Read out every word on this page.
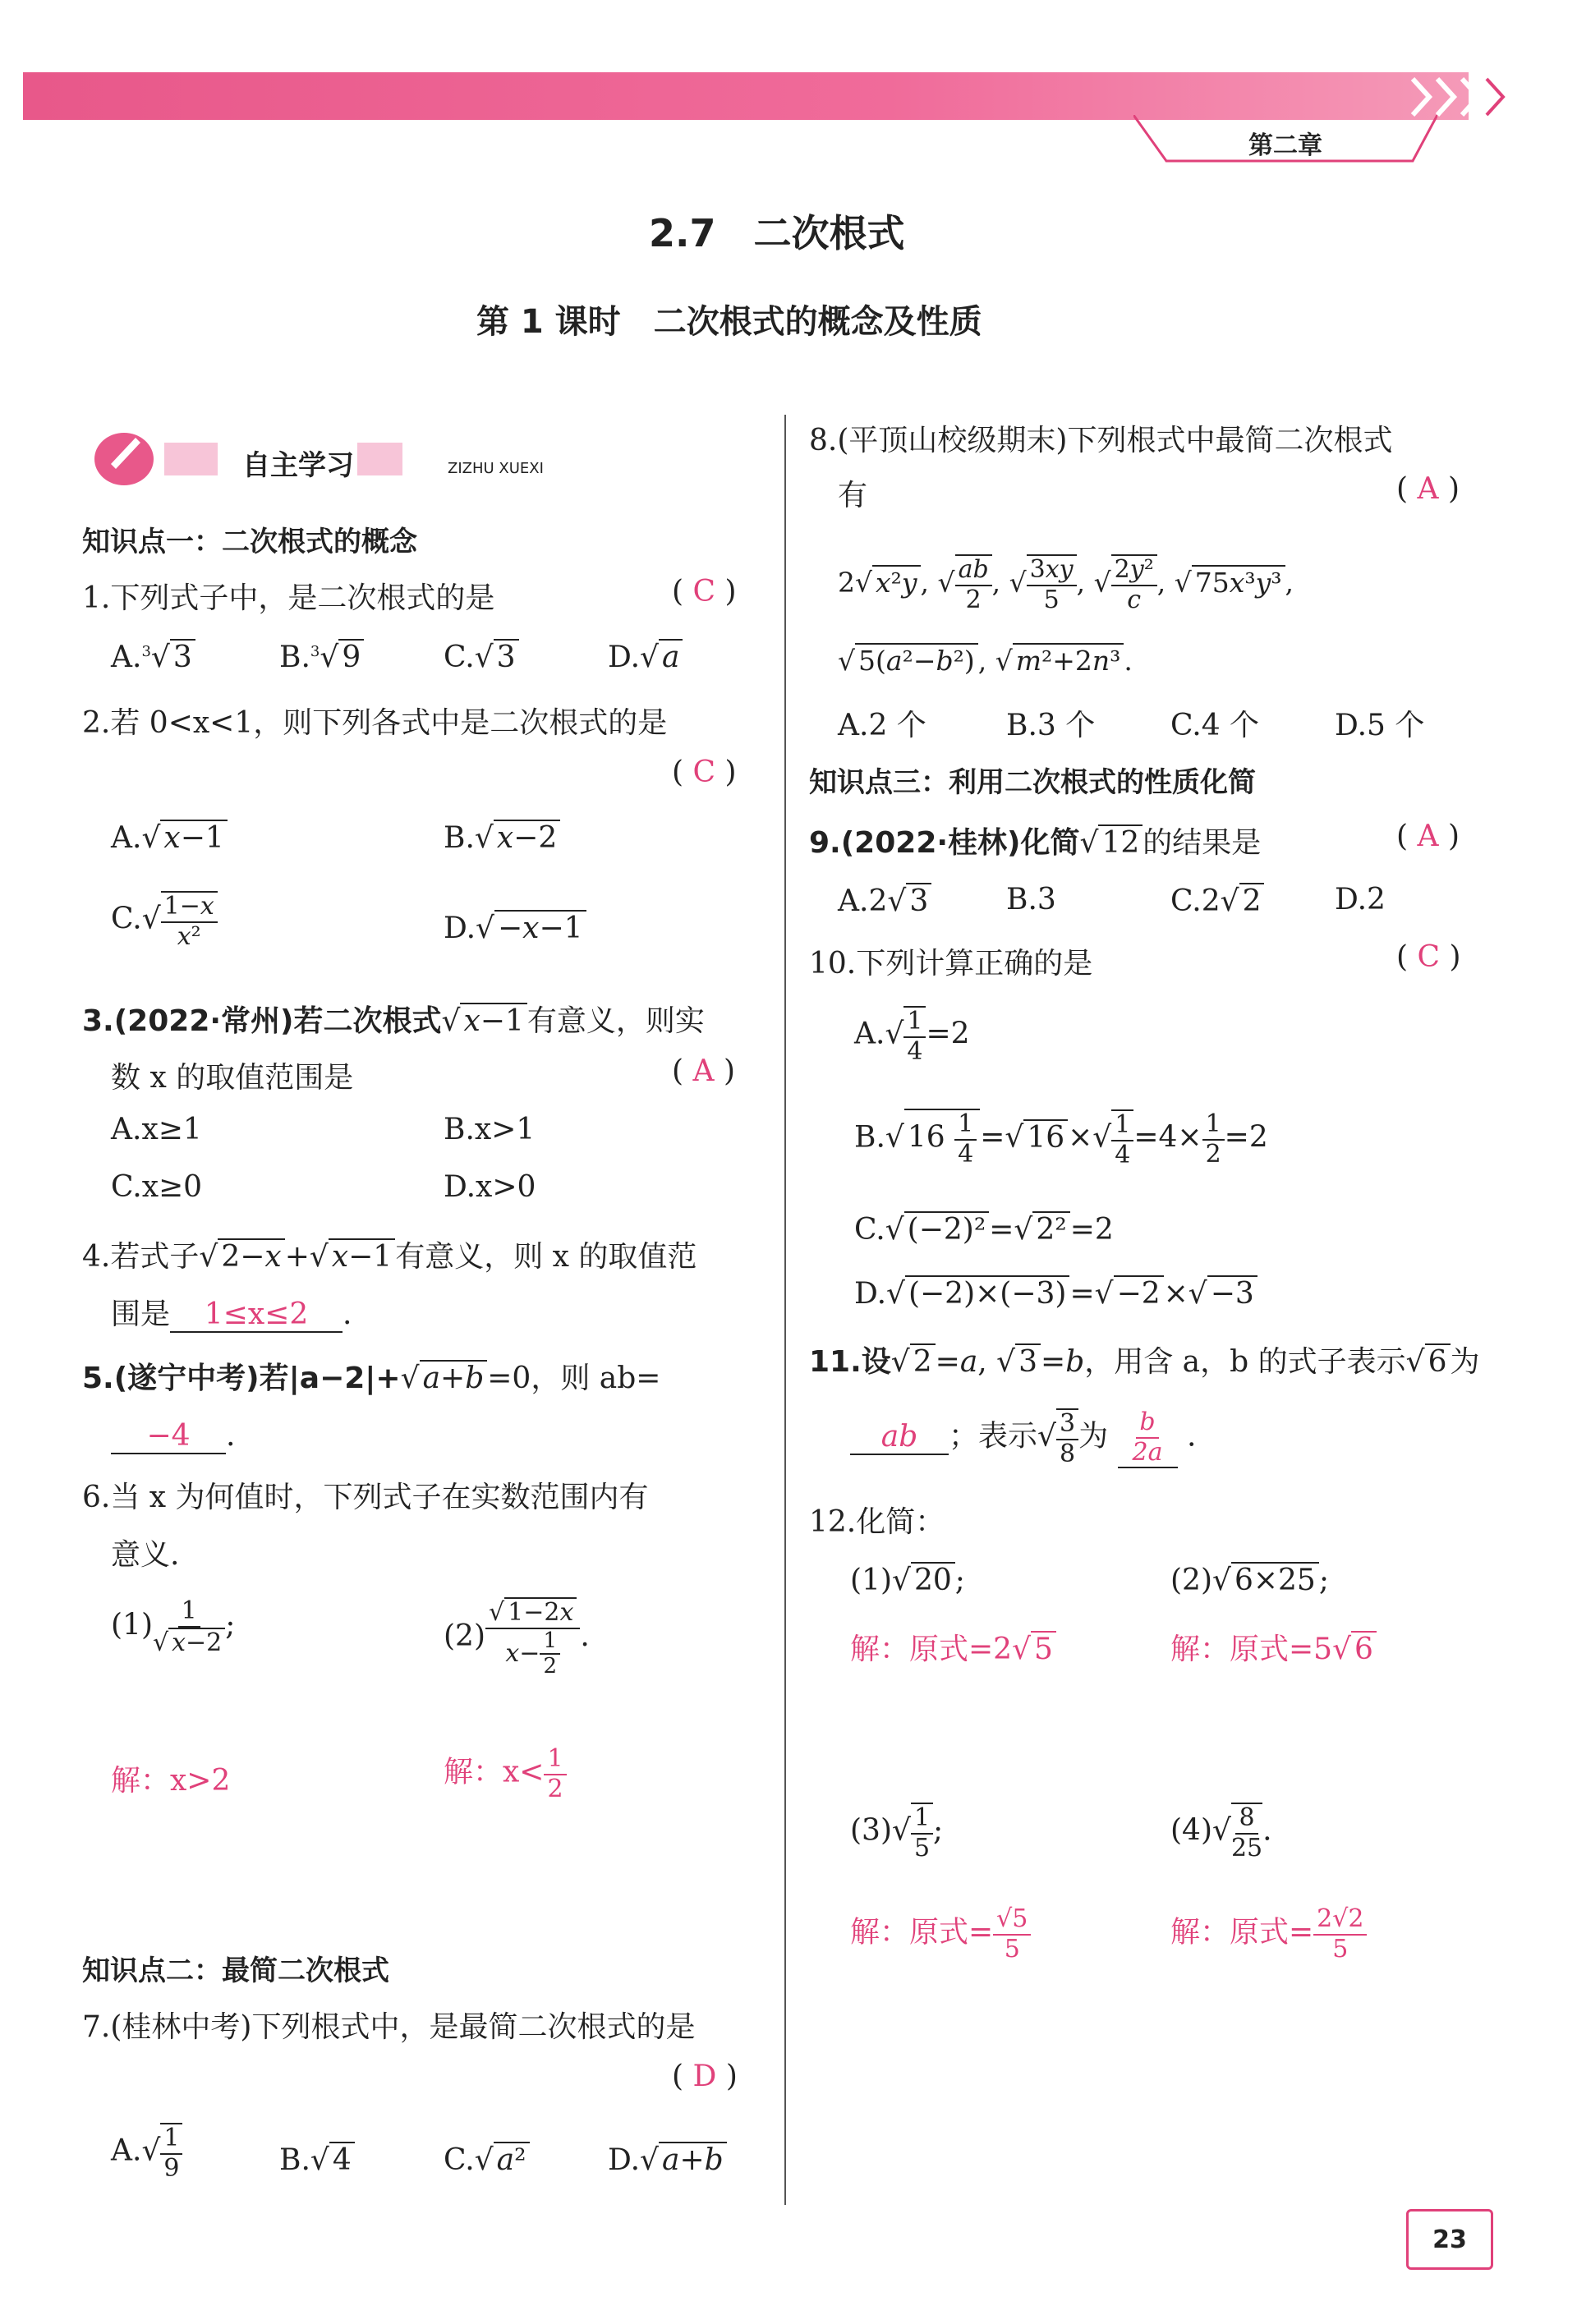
第二章
2.7　二次根式
第 1 课时　二次根式的概念及性质
自主学习	ZIZHU XUEXI
知识点一：二次根式的概念
1.下列式子中，是二次根式的是	( C )
A.$^3$√ 3	B.$^3$√ 9	C.√ 3	D.√ a
2.若 0<x<1，则下列各式中是二次根式的是
( C )
A.√ x−1	B.√ x−2
$C.√ \frac{1-x}{\text{x²}}$	D.√ −x−1
3.(2022·常州)若二次根式√ x−1 有意义，则实
数 x 的取值范围是	( A )
A.x≥1	B.x>1
C.x≥0	D.x>0
4.若式子√ 2−x +√ x−1 有意义，则 x 的取值范
围是 1≤x≤2 .
5.(遂宁中考)若|a−2|+√ a+b =0，则 ab=
−4 .
6.当 x 为何值时，下列式子在实数范围内有
意义.
$(1) \frac{1}{√ x-2}$ ;	$(2) \frac{√ 1-2x}{x- \frac{1}{2}}$ .
解：x>2	解：$x< \frac{1}{2}$
知识点二：最简二次根式
7.(桂林中考)下列根式中，是最简二次根式的是
( D )
$A.√ \frac{1}{9}$	B.√ 4	C.√ a²	D.√ a+b
8.(平顶山校级期末)下列根式中最简二次根式
有	( A )
2√ x²y , √ $\frac{ab}{2}$ , √ $\frac{3xy}{5}$ , √ $\frac{\text{2y²}}{c}$ , √ 75x³y³ ,
√ 5(a²−b²) , √ m²+2n³ .
A.2 个	B.3 个	C.4 个	D.5 个
知识点三：利用二次根式的性质化简
9.(2022·桂林)化简√ 12 的结果是	( A )
A.2√ 3	B.3	C.2√ 2 D.2
10.下列计算正确的是	( C )
$A.√ \frac{1}{4} =2$
B.√ $16 \frac{1}{4}$ =√ 16 ×√ $\frac{1}{4} =4\times \frac{1}{2} =2$
C.√ (−2)² =√ 2² =2
D.√ (−2)×(−3) =√ −2 ×√ −3
11.设√ 2 =a, √ 3 =b，用含 a，b 的式子表示√ 6 为
ab ；表示√ $\frac{3}{8}$ 为 $\frac{b}{2a}$ .
12.化简：
(1)√ 20 ;	(2)√ 6×25 ;
解：原式=2√ 5	解：原式=5√ 6
$(3)√ \frac{1}{5}$ ;	$(4)√ \frac{8}{25}$ .
解：原式= $\frac{√5}{5}$	解：原式= $\frac{2√2}{5}$
23
